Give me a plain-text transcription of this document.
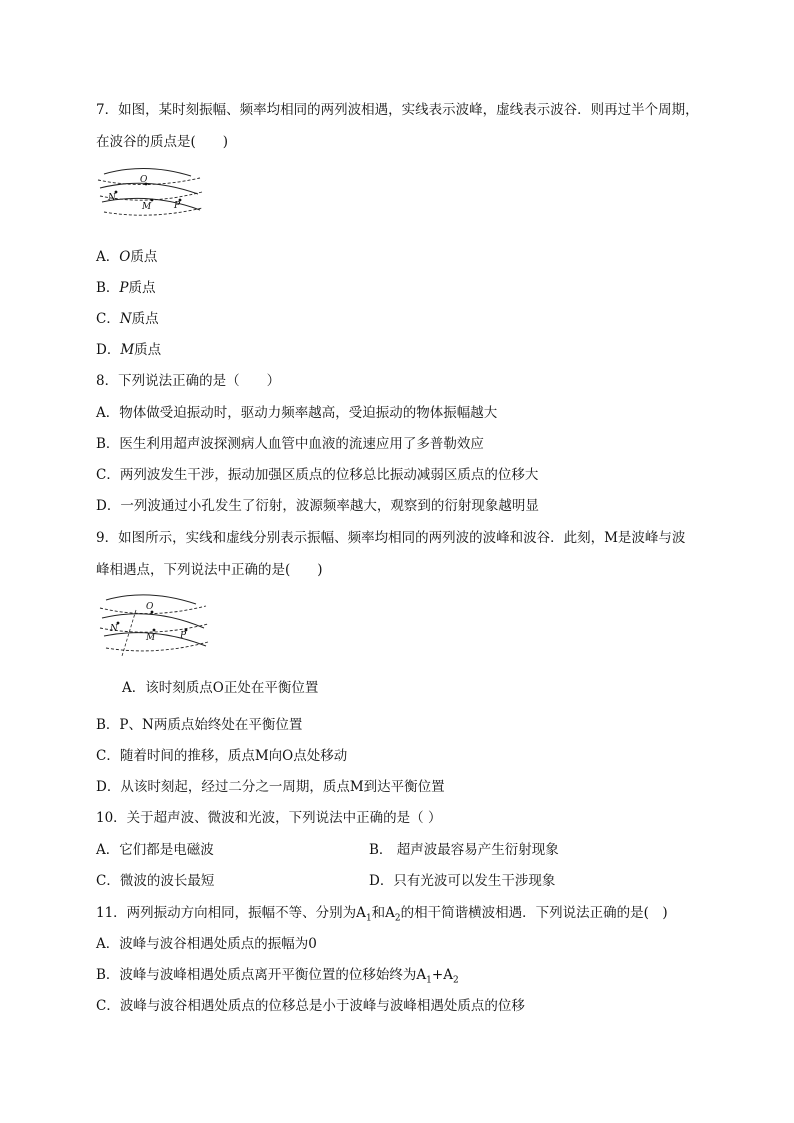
7．如图，某时刻振幅、频率均相同的两列波相遇，实线表示波峰，虚线表示波谷．则再过半个周期，
在波谷的质点是(　　)
O
N
M	P
A．O质点
B．P质点
C．N质点
D．M质点
8．下列说法正确的是（　　）
A．物体做受迫振动时，驱动力频率越高，受迫振动的物体振幅越大
B．医生利用超声波探测病人血管中血液的流速应用了多普勒效应
C．两列波发生干涉，振动加强区质点的位移总比振动减弱区质点的位移大
D．一列波通过小孔发生了衍射，波源频率越大，观察到的衍射现象越明显
9．如图所示，实线和虚线分别表示振幅、频率均相同的两列波的波峰和波谷．此刻，M是波峰与波
峰相遇点，下列说法中正确的是(　　)
O
N
M	P
A．该时刻质点O正处在平衡位置
B．P、N两质点始终处在平衡位置
C．随着时间的推移，质点M向O点处移动
D．从该时刻起，经过二分之一周期，质点M到达平衡位置
10．关于超声波、微波和光波，下列说法中正确的是（ ）
A．它们都是电磁波	B． 超声波最容易产生衍射现象
C．微波的波长最短	D．只有光波可以发生干涉现象
11．两列振动方向相同，振幅不等、分别为$A_1$和$A_2$的相干简谐横波相遇．下列说法正确的是(　)
A．波峰与波谷相遇处质点的振幅为0
B．波峰与波峰相遇处质点离开平衡位置的位移始终为$A_1+A_2$
C．波峰与波谷相遇处质点的位移总是小于波峰与波峰相遇处质点的位移
